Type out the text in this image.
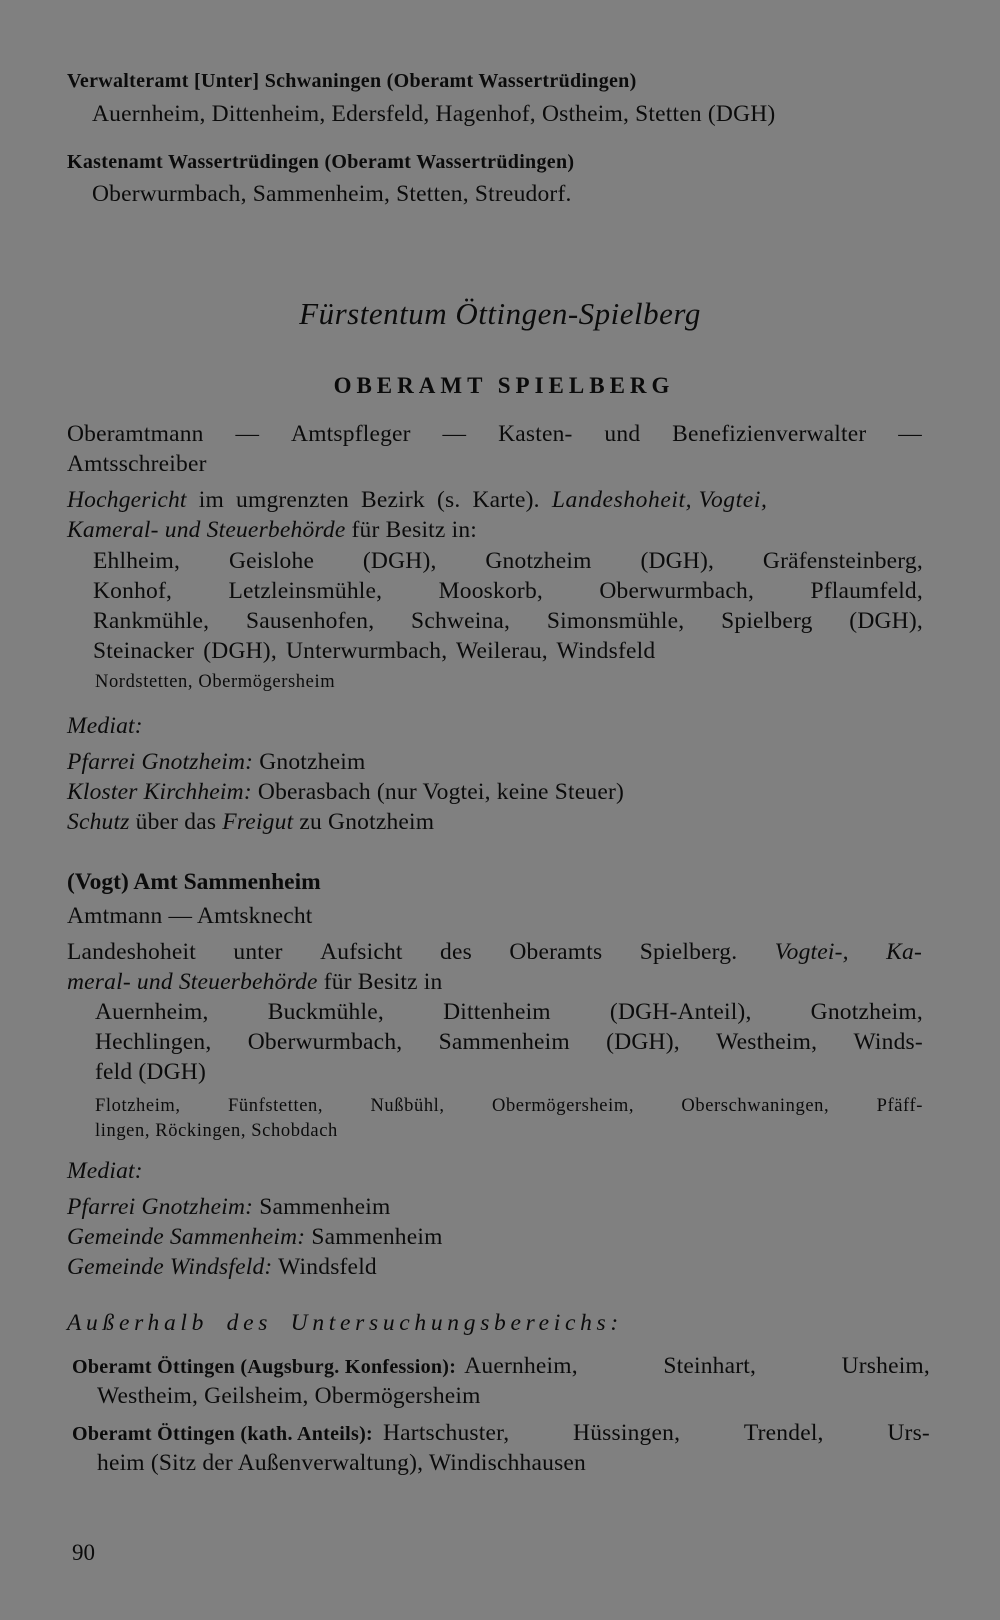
Verwalteramt [Unter] Schwaningen (Oberamt Wassertrüdingen)
Auernheim, Dittenheim, Edersfeld, Hagenhof, Ostheim, Stetten (DGH)
Kastenamt Wassertrüdingen (Oberamt Wassertrüdingen)
Oberwurmbach, Sammenheim, Stetten, Streudorf.
Fürstentum Öttingen-Spielberg
OBERAMT SPIELBERG
Oberamtmann — Amtspfleger — Kasten- und Benefizienverwalter —
Amtsschreiber
Hochgericht im umgrenzten Bezirk (s. Karte). Landeshoheit, Vogtei,
Kameral- und Steuerbehörde für Besitz in:
Ehlheim, Geislohe (DGH), Gnotzheim (DGH), Gräfensteinberg,
Konhof, Letzleinsmühle, Mooskorb, Oberwurmbach, Pflaumfeld,
Rankmühle, Sausenhofen, Schweina, Simonsmühle, Spielberg (DGH),
Steinacker (DGH), Unterwurmbach, Weilerau, Windsfeld
Nordstetten, Obermögersheim
Mediat:
Pfarrei Gnotzheim: Gnotzheim
Kloster Kirchheim: Oberasbach (nur Vogtei, keine Steuer)
Schutz über das Freigut zu Gnotzheim
(Vogt) Amt Sammenheim
Amtmann — Amtsknecht
Landeshoheit unter Aufsicht des Oberamts Spielberg. Vogtei-, Ka-
meral- und Steuerbehörde für Besitz in
Auernheim,	Buckmühle,	Dittenheim	(DGH-Anteil),	Gnotzheim,
Hechlingen, Oberwurmbach, Sammenheim (DGH), Westheim, Winds-
feld (DGH)
Flotzheim,	Fünfstetten,	Nußbühl,	Obermögersheim,	Oberschwaningen,	Pfäff-
lingen, Röckingen, Schobdach
Mediat:
Pfarrei Gnotzheim: Sammenheim
Gemeinde Sammenheim: Sammenheim
Gemeinde Windsfeld: Windsfeld
Außerhalb des Untersuchungsbereichs:
Oberamt Öttingen (Augsburg. Konfession): Auernheim,	Steinhart,	Ursheim,
Westheim, Geilsheim, Obermögersheim
Oberamt Öttingen (kath. Anteils): Hartschuster,	Hüssingen,	Trendel,	Urs-
heim (Sitz der Außenverwaltung), Windischhausen
90
